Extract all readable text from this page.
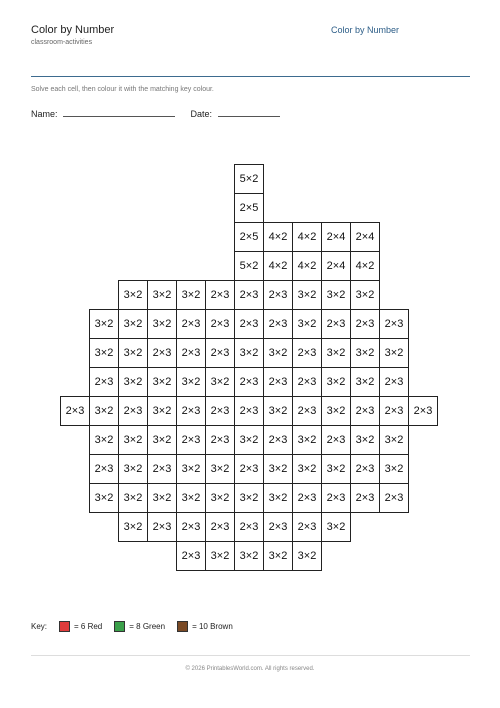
Color by Number
classroom-activities
Color by Number
Solve each cell, then colour it with the matching key colour.
Name:	Date:
5×2
2×5
2×5 4×2 4×2 2×4 2×4
5×2 4×2 4×2 2×4 4×2
3×2 3×2 3×2 2×3 2×3 2×3 3×2 3×2 3×2
3×2 3×2 3×2 2×3 2×3 2×3 2×3 3×2 2×3 2×3 2×3
3×2 3×2 2×3 2×3 2×3 3×2 3×2 2×3 3×2 3×2 3×2
2×3 3×2 3×2 3×2 3×2 2×3 2×3 2×3 3×2 3×2 2×3
2×3 3×2 2×3 3×2 2×3 2×3 2×3 3×2 2×3 3×2 2×3 2×3 2×3
3×2 3×2 3×2 2×3 2×3 3×2 2×3 3×2 2×3 3×2 3×2
2×3 3×2 2×3 3×2 3×2 2×3 3×2 3×2 3×2 2×3 3×2
3×2 3×2 3×2 3×2 3×2 3×2 3×2 2×3 2×3 2×3 2×3
3×2 2×3 2×3 2×3 2×3 2×3 2×3 3×2
2×3 3×2 3×2 3×2 3×2
Key:	= 6 Red	= 8 Green	= 10 Brown
© 2026 PrintablesWorld.com. All rights reserved.
